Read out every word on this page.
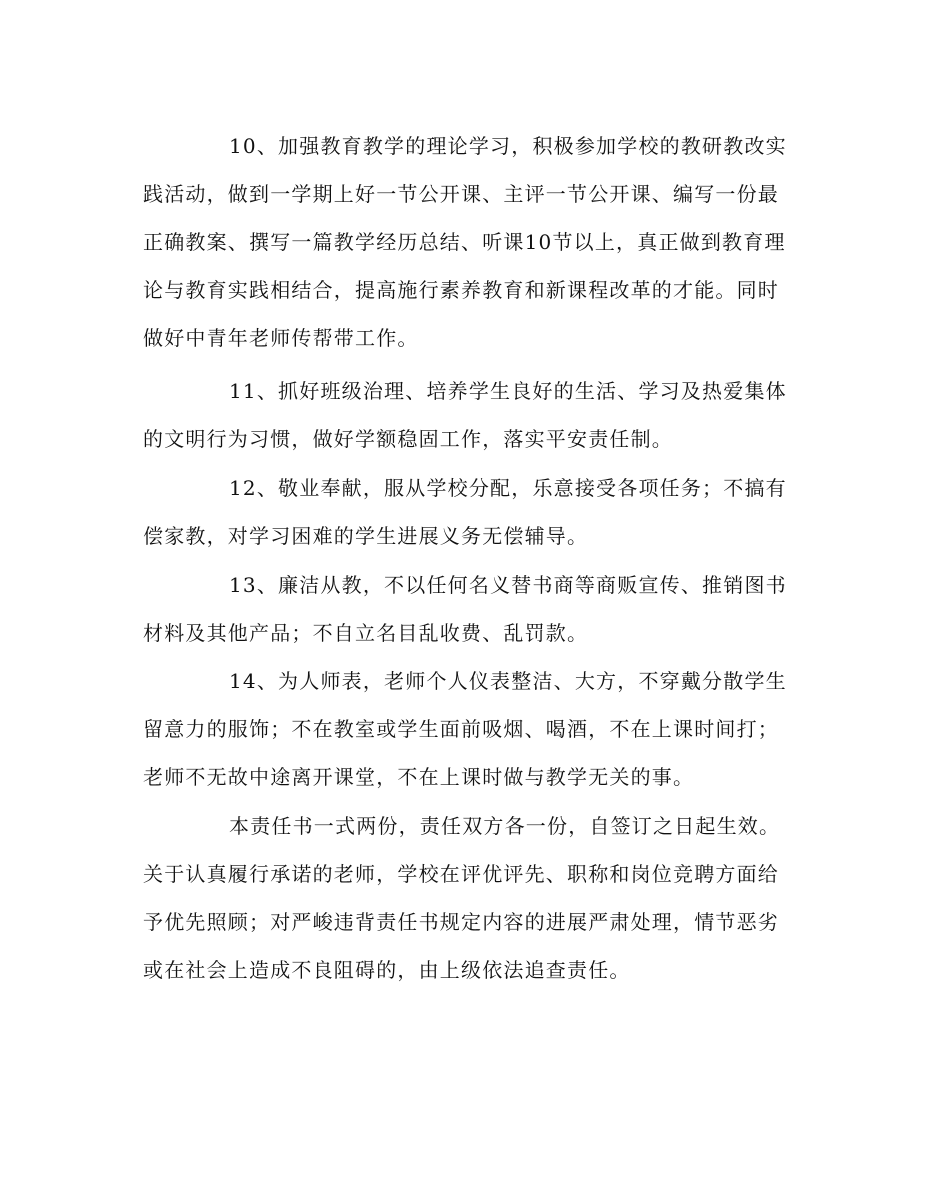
10、加强教育教学的理论学习，积极参加学校的教研教改实
践活动，做到一学期上好一节公开课、主评一节公开课、编写一份最
正确教案、撰写一篇教学经历总结、听课10节以上，真正做到教育理
论与教育实践相结合，提高施行素养教育和新课程改革的才能。同时
做好中青年老师传帮带工作。
11、抓好班级治理、培养学生良好的生活、学习及热爱集体
的文明行为习惯，做好学额稳固工作，落实平安责任制。
12、敬业奉献，服从学校分配，乐意接受各项任务；不搞有
偿家教，对学习困难的学生进展义务无偿辅导。
13、廉洁从教，不以任何名义替书商等商贩宣传、推销图书
材料及其他产品；不自立名目乱收费、乱罚款。
14、为人师表，老师个人仪表整洁、大方，不穿戴分散学生
留意力的服饰；不在教室或学生面前吸烟、喝酒，不在上课时间打；
老师不无故中途离开课堂，不在上课时做与教学无关的事。
本责任书一式两份，责任双方各一份，自签订之日起生效。
关于认真履行承诺的老师，学校在评优评先、职称和岗位竞聘方面给
予优先照顾；对严峻违背责任书规定内容的进展严肃处理，情节恶劣
或在社会上造成不良阻碍的，由上级依法追查责任。
